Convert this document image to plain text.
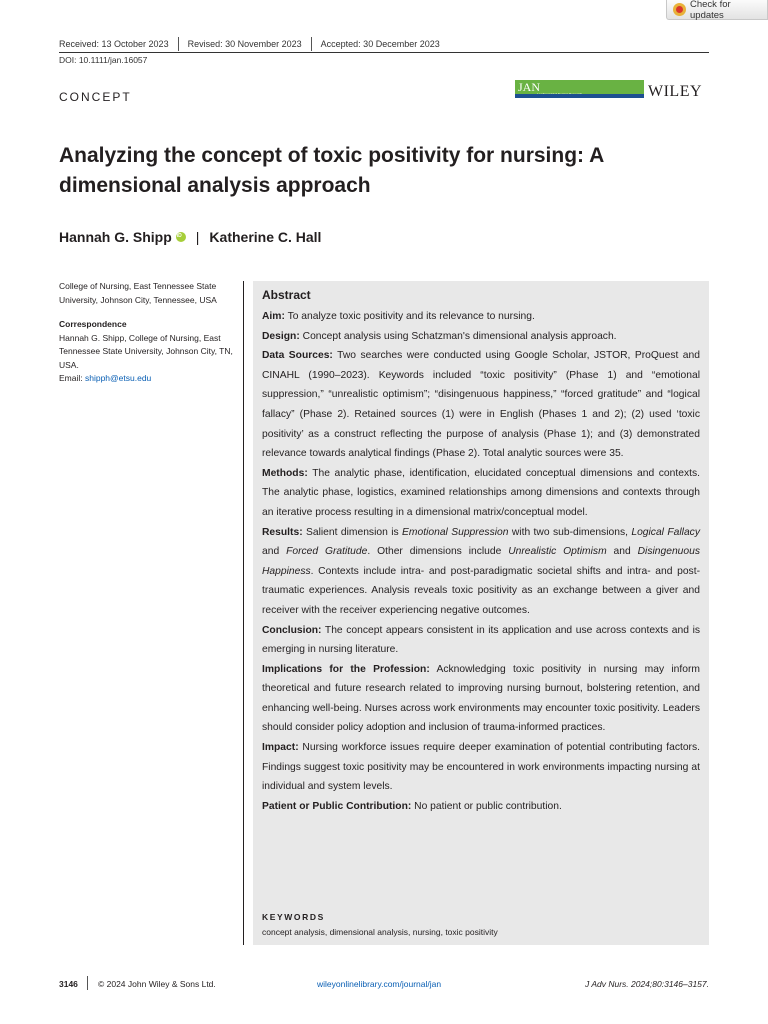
Check for updates
Received: 13 October 2023 Revised: 30 November 2023 Accepted: 30 December 2023
DOI: 10.1111/jan.16057
CONCEPT
JAN	WILEY
Analyzing the concept of toxic positivity for nursing: A dimensional analysis approach
Hannah G. Shipp
iD | Katherine C. Hall
College of Nursing, East Tennessee State University, Johnson City, Tennessee, USA
Correspondence
Hannah G. Shipp, College of Nursing, East Tennessee State University, Johnson City, TN, USA.
Email: shipph@etsu.edu
Abstract

Aim: To analyze toxic positivity and its relevance to nursing.

Design: Concept analysis using Schatzman's dimensional analysis approach.

Data Sources: Two searches were conducted using Google Scholar, JSTOR, ProQuest and CINAHL (1990–2023). Keywords included “toxic positivity” (Phase 1) and “emotional suppression,” “unrealistic optimism”; “disingenuous happiness,” “forced gratitude” and “logical fallacy” (Phase 2). Retained sources (1) were in English (Phases 1 and 2); (2) used ‘toxic positivity’ as a construct reflecting the purpose of analysis (Phase 1); and (3) demonstrated relevance towards analytical findings (Phase 2). Total analytic sources were 35.

Methods: The analytic phase, identification, elucidated conceptual dimensions and contexts. The analytic phase, logistics, examined relationships among dimensions and contexts through an iterative process resulting in a dimensional matrix/conceptual model.

Results: Salient dimension is Emotional Suppression with two sub-dimensions, Logical Fallacy and Forced Gratitude. Other dimensions include Unrealistic Optimism and Disingenuous Happiness. Contexts include intra- and post-paradigmatic societal shifts and intra- and post-traumatic experiences. Analysis reveals toxic positivity as an exchange between a giver and receiver with the receiver experiencing negative outcomes.

Conclusion: The concept appears consistent in its application and use across contexts and is emerging in nursing literature.

Implications for the Profession: Acknowledging toxic positivity in nursing may inform theoretical and future research related to improving nursing burnout, bolstering retention, and enhancing well-being. Nurses across work environments may encounter toxic positivity. Leaders should consider policy adoption and inclusion of trauma-informed practices.

Impact: Nursing workforce issues require deeper examination of potential contributing factors. Findings suggest toxic positivity may be encountered in work environments impacting nursing at individual and system levels.

Patient or Public Contribution: No patient or public contribution.

KEYWORDS
concept analysis, dimensional analysis, nursing, toxic positivity
3146 © 2024 John Wiley & Sons Ltd.	wileyonlinelibrary.com/journal/jan	J Adv Nurs. 2024;80:3146–3157.
